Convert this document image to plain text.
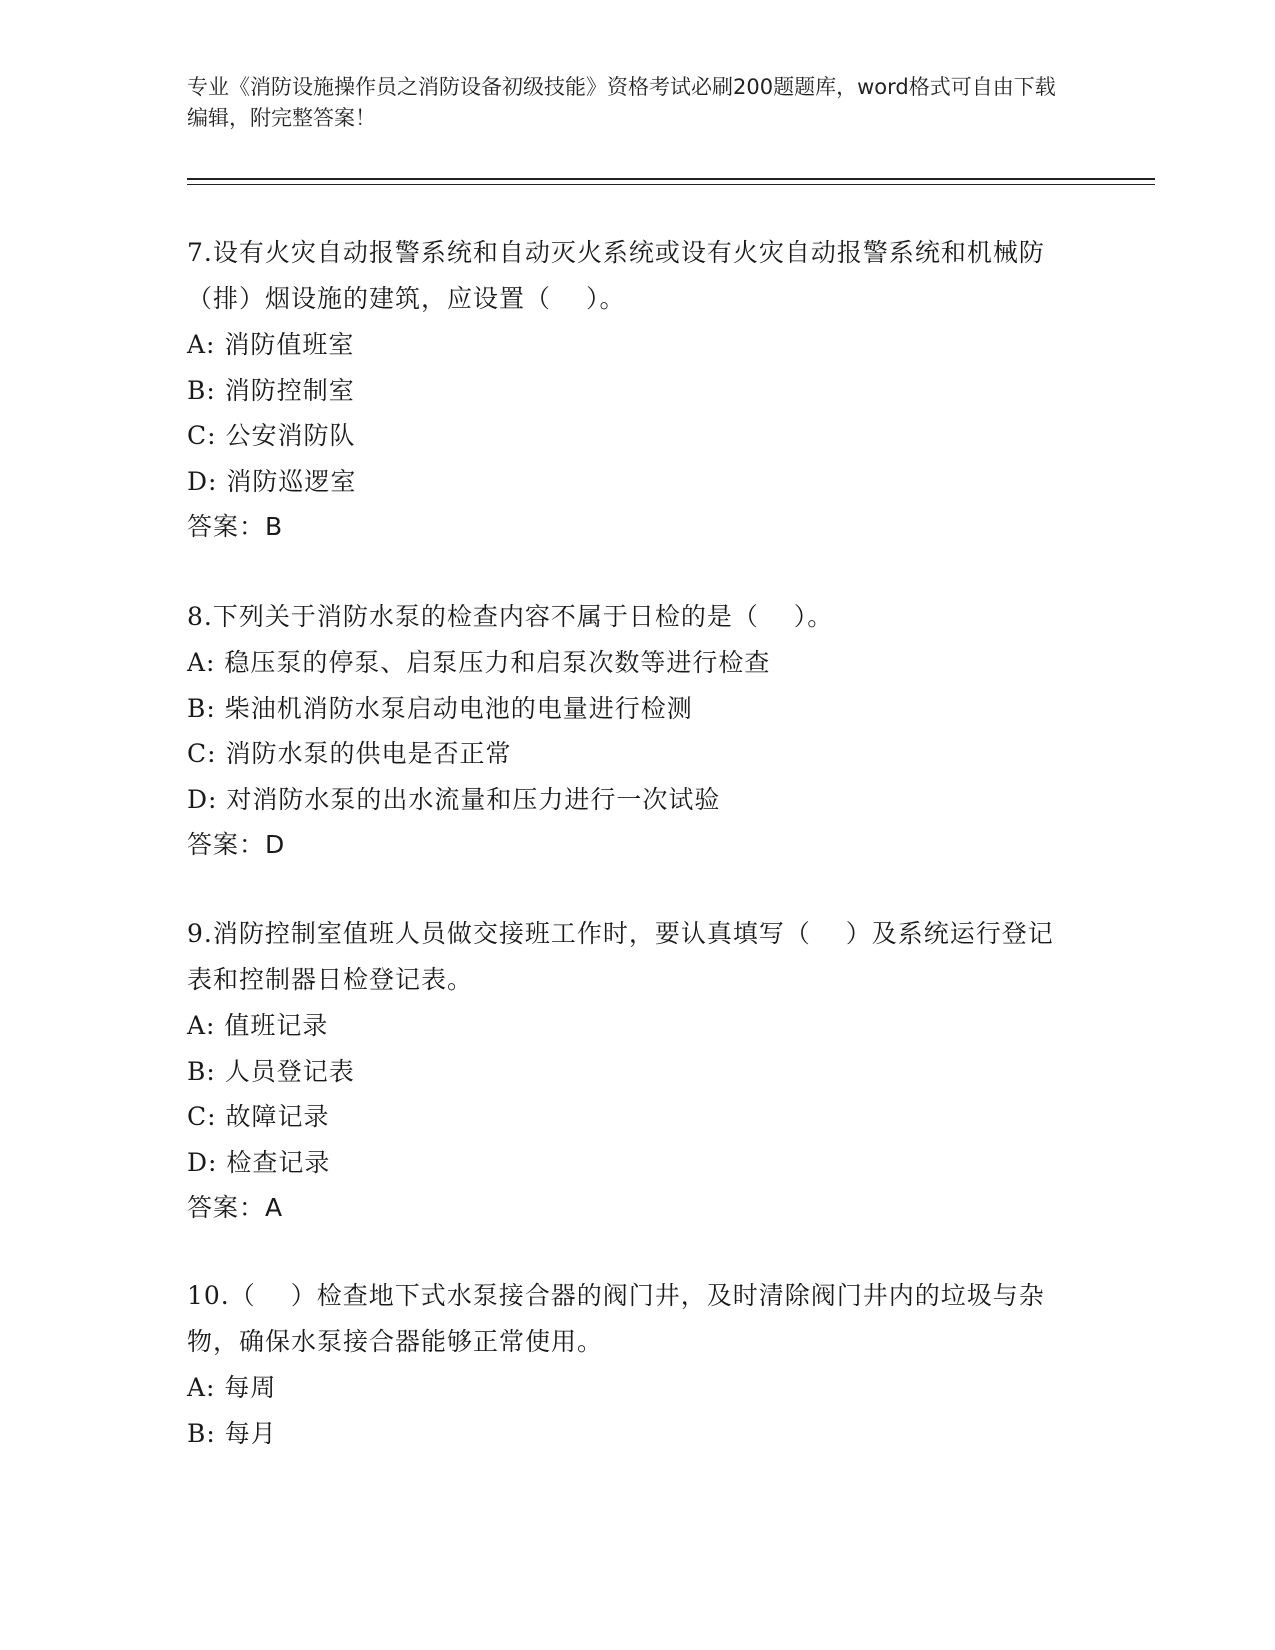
专业《消防设施操作员之消防设备初级技能》资格考试必刷200题题库，word格式可自由下载编辑，附完整答案！
7.设有火灾自动报警系统和自动灭火系统或设有火灾自动报警系统和机械防（排）烟设施的建筑，应设置（　 ）。
A: 消防值班室
B: 消防控制室
C: 公安消防队
D: 消防巡逻室
答案：B
8.下列关于消防水泵的检查内容不属于日检的是（　 ）。
A: 稳压泵的停泵、启泵压力和启泵次数等进行检查
B: 柴油机消防水泵启动电池的电量进行检测
C: 消防水泵的供电是否正常
D: 对消防水泵的出水流量和压力进行一次试验
答案：D
9.消防控制室值班人员做交接班工作时，要认真填写（　 ）及系统运行登记表和控制器日检登记表。
A: 值班记录
B: 人员登记表
C: 故障记录
D: 检查记录
答案：A
10.（　 ）检查地下式水泵接合器的阀门井，及时清除阀门井内的垃圾与杂物，确保水泵接合器能够正常使用。
A: 每周
B: 每月
